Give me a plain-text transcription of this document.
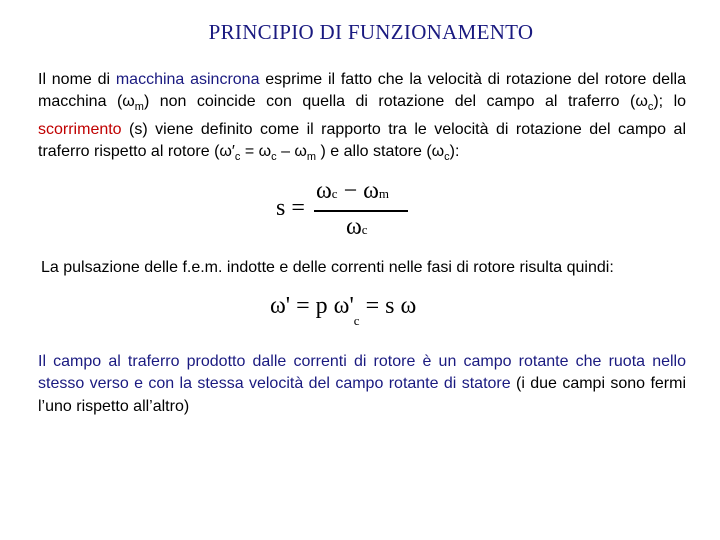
PRINCIPIO DI FUNZIONAMENTO
Il nome di macchina asincrona esprime il fatto che la velocità di rotazione del rotore della macchina $(\omega_m)$ non coincide con quella di rotazione del campo al traferro $(\omega_c)$; lo scorrimento (s) viene definito come il rapporto tra le velocità di rotazione del campo al traferro rispetto al rotore ($\omega'_c = \omega_c - \omega_m$ ) e allo statore $(\omega_c)$:
s =
ωc − ωm
ωc
La pulsazione delle f.e.m. indotte e delle correnti nelle fasi di rotore risulta quindi:
ω' = p $\omega'_c = s$ ω
Il campo al traferro prodotto dalle correnti di rotore è un campo rotante che ruota nello stesso verso e con la stessa velocità del campo rotante di statore (i due campi sono fermi l’uno rispetto all’altro)
